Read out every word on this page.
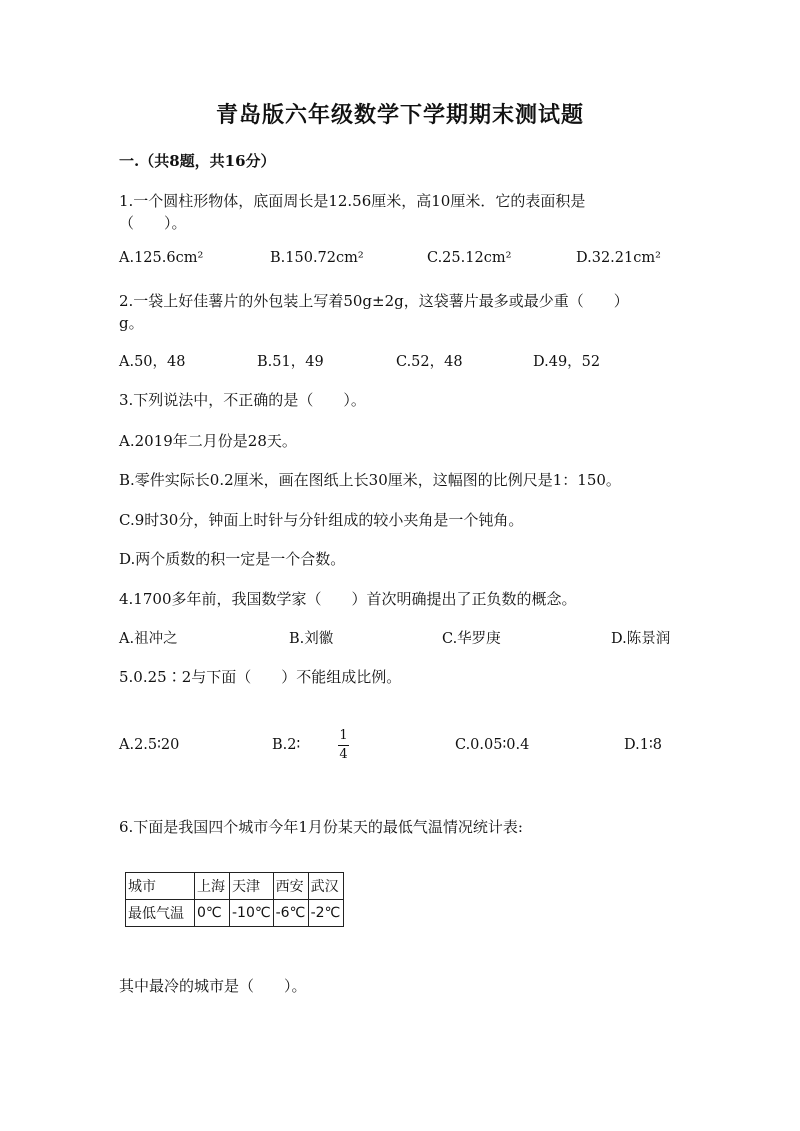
青岛版六年级数学下学期期末测试题
一.（共8题，共16分）
1.一个圆柱形物体，底面周长是12.56厘米，高10厘米．它的表面积是
（　　）。
A.125.6cm²	B.150.72cm²	C.25.12cm²	D.32.21cm²
2.一袋上好佳薯片的外包装上写着50g±2g，这袋薯片最多或最少重（　　）
g。
A.50，48	B.51，49	C.52，48	D.49，52
3.下列说法中，不正确的是（　　）。
A.2019年二月份是28天。
B.零件实际长0.2厘米，画在图纸上长30厘米，这幅图的比例尺是1：150。
C.9时30分，钟面上时针与分针组成的较小夹角是一个钝角。
D.两个质数的积一定是一个合数。
4.1700多年前，我国数学家（　　）首次明确提出了正负数的概念。
A.祖冲之	B.刘徽	C.华罗庚	D.陈景润
5.0.25∶2与下面（　　）不能组成比例。
A.2.5∶20	B.2∶
1
4
C.0.05∶0.4	D.1∶8
6.下面是我国四个城市今年1月份某天的最低气温情况统计表:
城市	上海	天津	西安	武汉
最低气温	0℃	-10℃	-6℃	-2℃
其中最冷的城市是（　　）。
